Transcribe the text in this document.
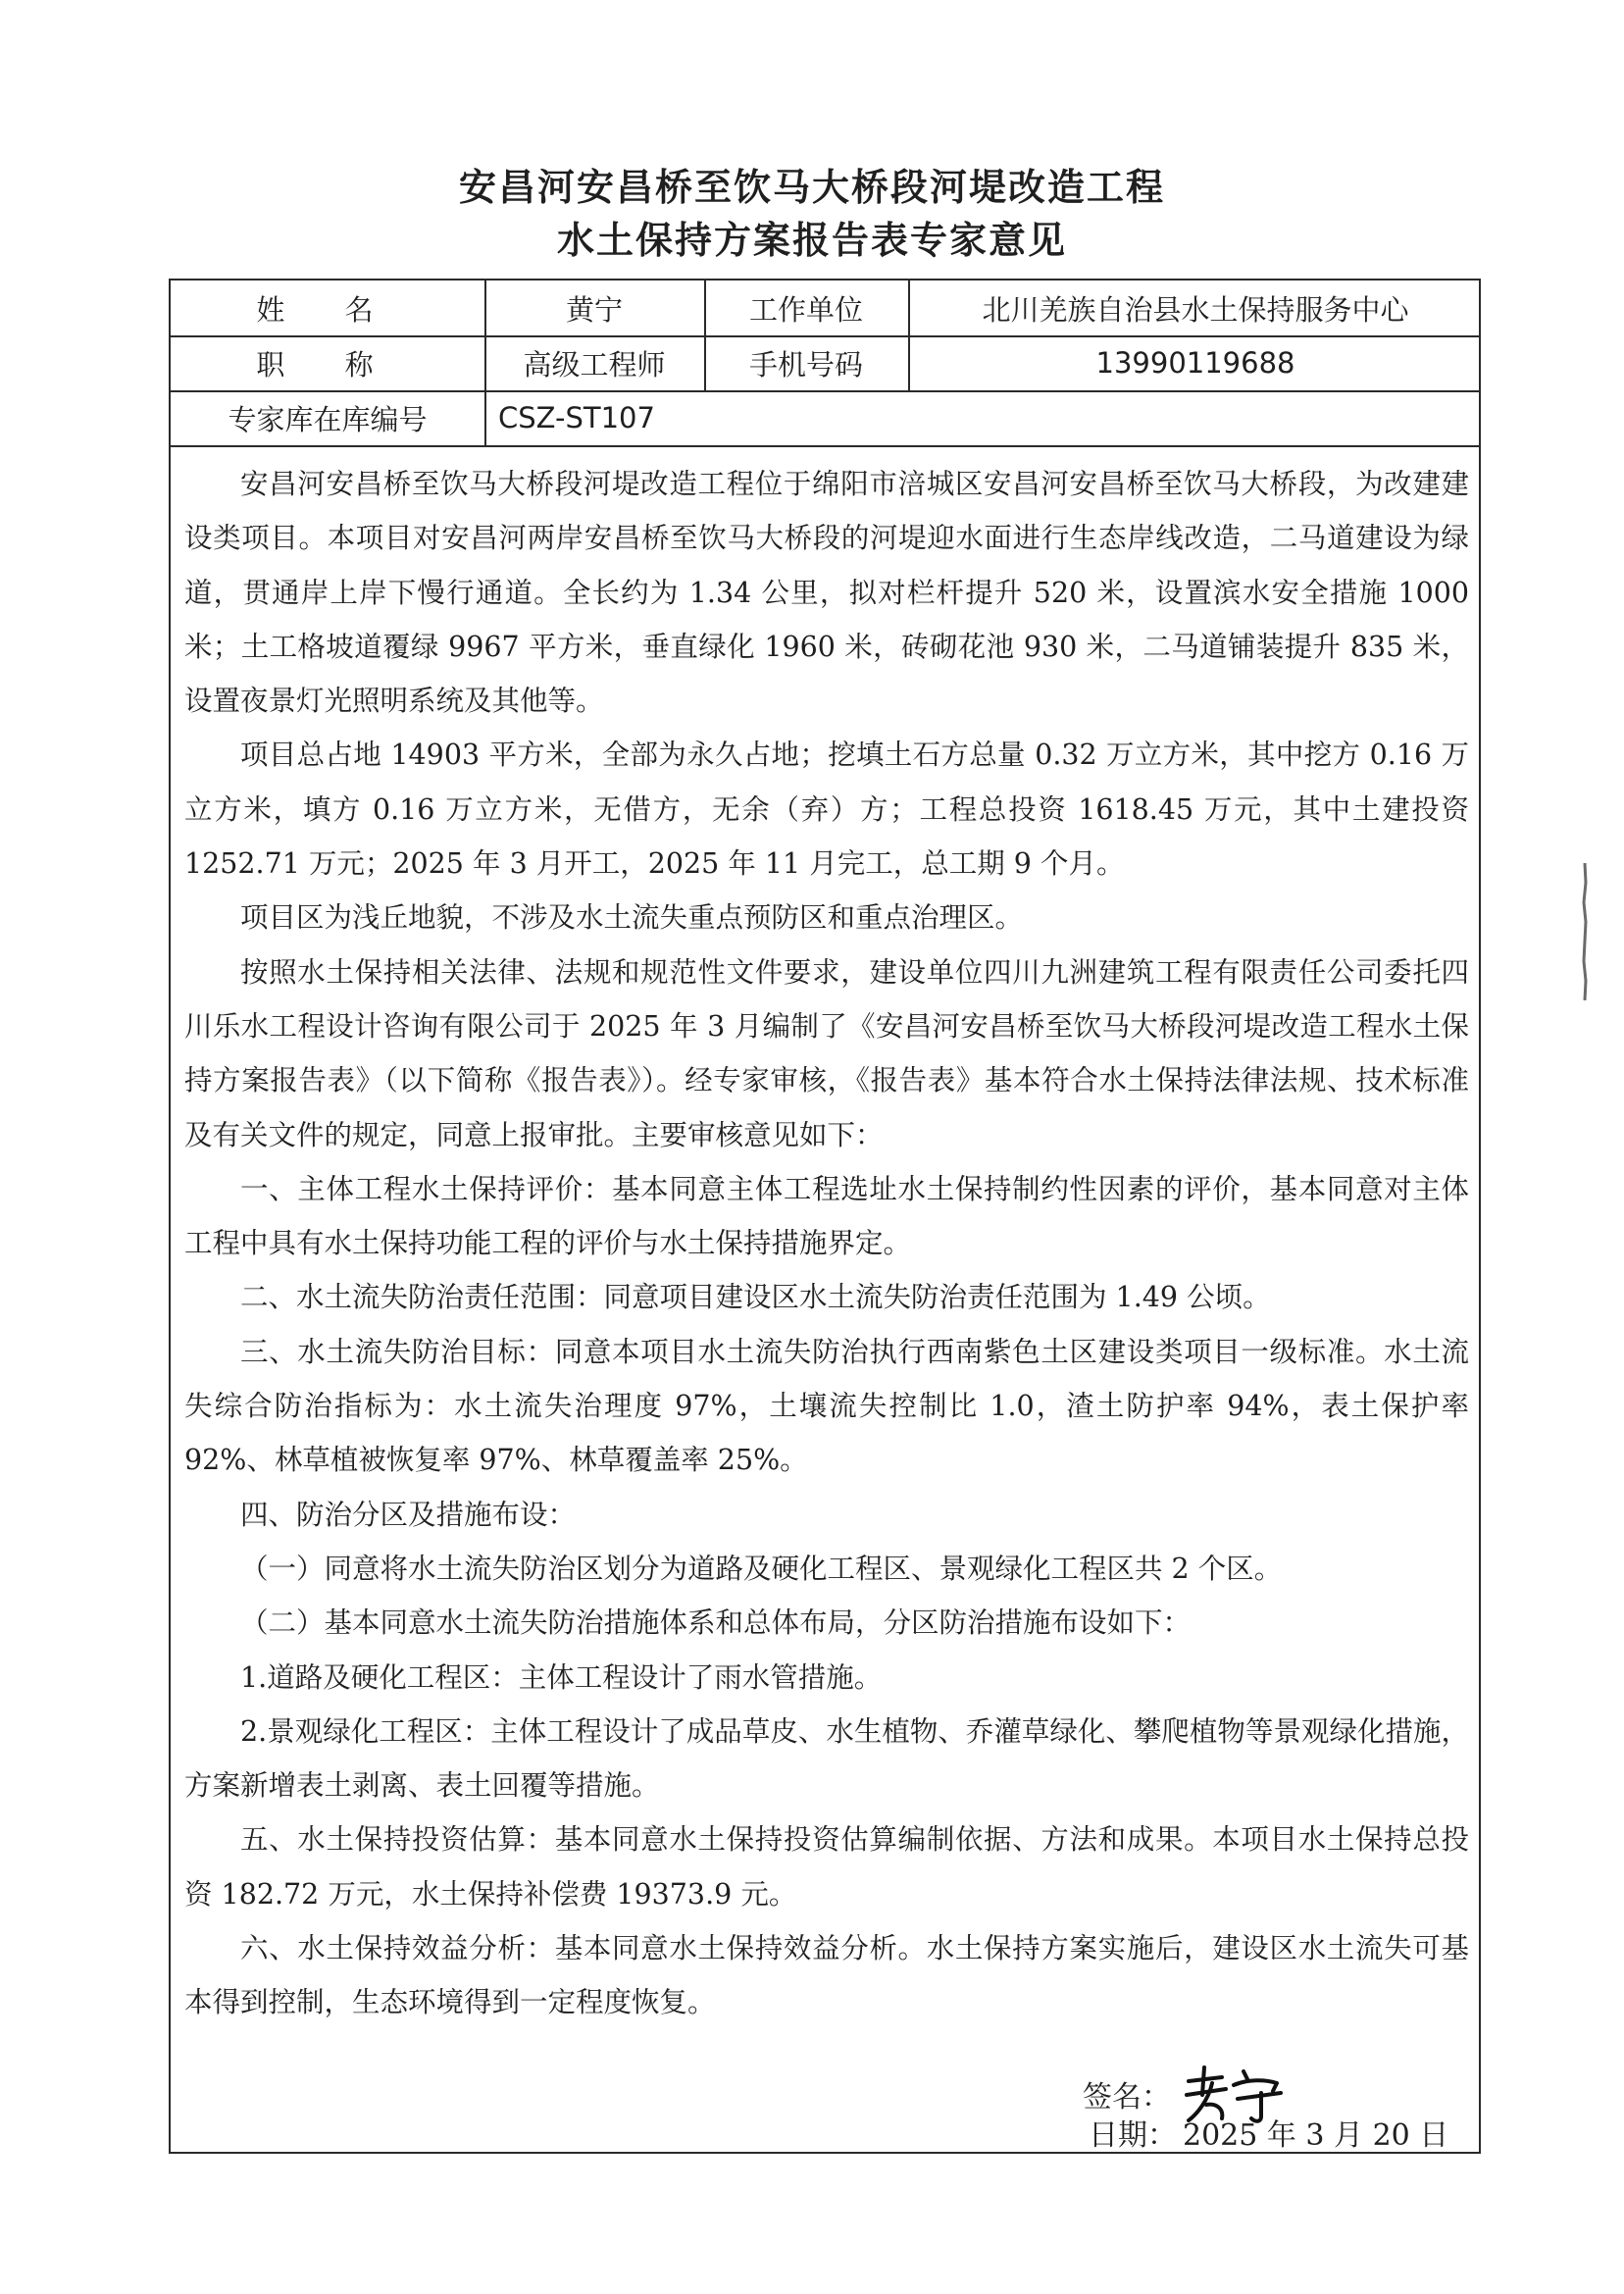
安昌河安昌桥至饮马大桥段河堤改造工程
水土保持方案报告表专家意见
姓 名	黄宁	工作单位	北川羌族自治县水土保持服务中心
职 称	高级工程师	手机号码	13990119688
专家库在库编号	CSZ-ST107

安昌河安昌桥至饮马大桥段河堤改造工程位于绵阳市涪城区安昌河安昌桥至饮马大桥段，为改建建设类项目。本项目对安昌河两岸安昌桥至饮马大桥段的河堤迎水面进行生态岸线改造，二马道建设为绿道，贯通岸上岸下慢行通道。全长约为 1.34 公里，拟对栏杆提升 520 米，设置滨水安全措施 1000 米；土工格坡道覆绿 9967 平方米，垂直绿化 1960 米，砖砌花池 930 米，二马道铺装提升 835 米，设置夜景灯光照明系统及其他等。

项目总占地 14903 平方米，全部为永久占地；挖填土石方总量 0.32 万立方米，其中挖方 0.16 万立方米，填方 0.16 万立方米，无借方，无余（弃）方；工程总投资 1618.45 万元，其中土建投资 1252.71 万元；2025 年 3 月开工，2025 年 11 月完工，总工期 9 个月。

项目区为浅丘地貌，不涉及水土流失重点预防区和重点治理区。

按照水土保持相关法律、法规和规范性文件要求，建设单位四川九洲建筑工程有限责任公司委托四川乐水工程设计咨询有限公司于 2025 年 3 月编制了《安昌河安昌桥至饮马大桥段河堤改造工程水土保持方案报告表》（以下简称《报告表》）。经专家审核，《报告表》基本符合水土保持法律法规、技术标准及有关文件的规定，同意上报审批。主要审核意见如下：

一、主体工程水土保持评价：基本同意主体工程选址水土保持制约性因素的评价，基本同意对主体工程中具有水土保持功能工程的评价与水土保持措施界定。

二、水土流失防治责任范围：同意项目建设区水土流失防治责任范围为 1.49 公顷。

三、水土流失防治目标：同意本项目水土流失防治执行西南紫色土区建设类项目一级标准。水土流失综合防治指标为：水土流失治理度 97%，土壤流失控制比 1.0，渣土防护率 94%，表土保护率 92%、林草植被恢复率 97%、林草覆盖率 25%。

四、防治分区及措施布设：

（一）同意将水土流失防治区划分为道路及硬化工程区、景观绿化工程区共 2 个区。

（二）基本同意水土流失防治措施体系和总体布局，分区防治措施布设如下：

1.道路及硬化工程区：主体工程设计了雨水管措施。

2.景观绿化工程区：主体工程设计了成品草皮、水生植物、乔灌草绿化、攀爬植物等景观绿化措施，方案新增表土剥离、表土回覆等措施。

五、水土保持投资估算：基本同意水土保持投资估算编制依据、方法和成果。本项目水土保持总投资 182.72 万元，水土保持补偿费 19373.9 元。

六、水土保持效益分析：基本同意水土保持效益分析。水土保持方案实施后，建设区水土流失可基本得到控制，生态环境得到一定程度恢复。

签名：
日期： 2025 年 3 月 20 日
